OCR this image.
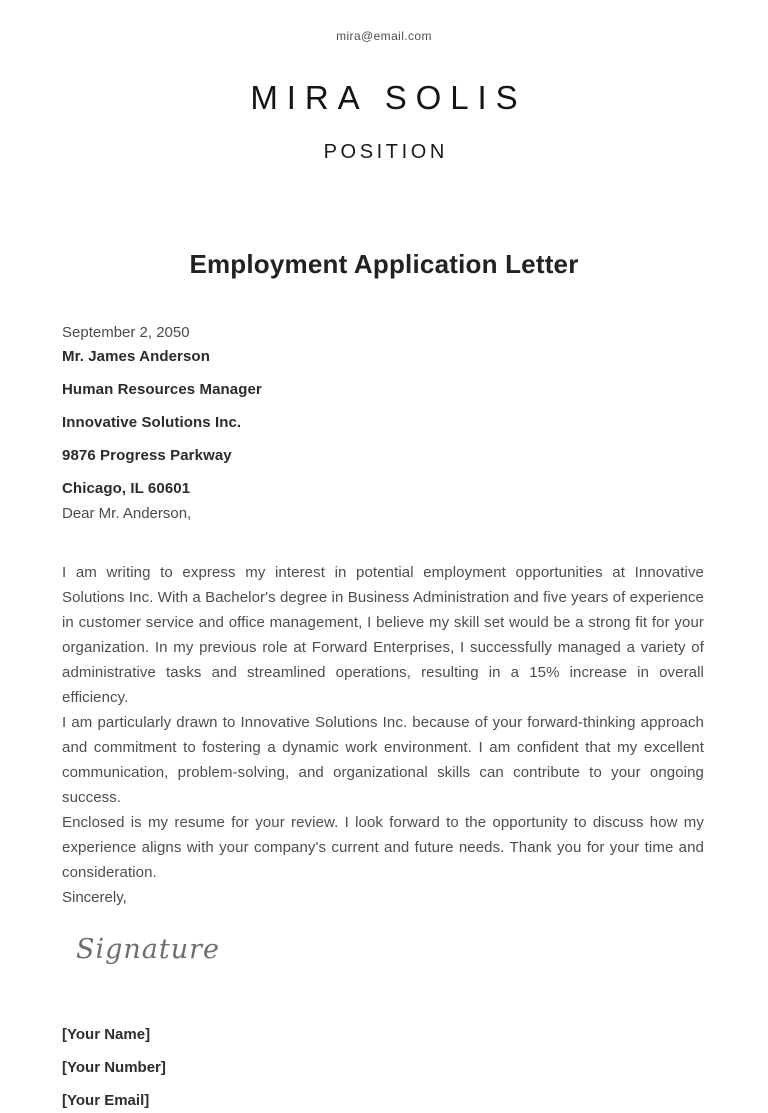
mira@email.com
MIRA SOLIS
POSITION
Employment Application Letter
September 2, 2050
Mr. James Anderson
Human Resources Manager
Innovative Solutions Inc.
9876 Progress Parkway
Chicago, IL 60601
Dear Mr. Anderson,

I am writing to express my interest in potential employment opportunities at Innovative Solutions Inc. With a Bachelor's degree in Business Administration and five years of experience in customer service and office management, I believe my skill set would be a strong fit for your organization. In my previous role at Forward Enterprises, I successfully managed a variety of administrative tasks and streamlined operations, resulting in a 15% increase in overall efficiency.

I am particularly drawn to Innovative Solutions Inc. because of your forward-thinking approach and commitment to fostering a dynamic work environment. I am confident that my excellent communication, problem-solving, and organizational skills can contribute to your ongoing success.

Enclosed is my resume for your review. I look forward to the opportunity to discuss how my experience aligns with your company's current and future needs. Thank you for your time and consideration.

Sincerely,
Signature
[Your Name]
[Your Number]
[Your Email]
